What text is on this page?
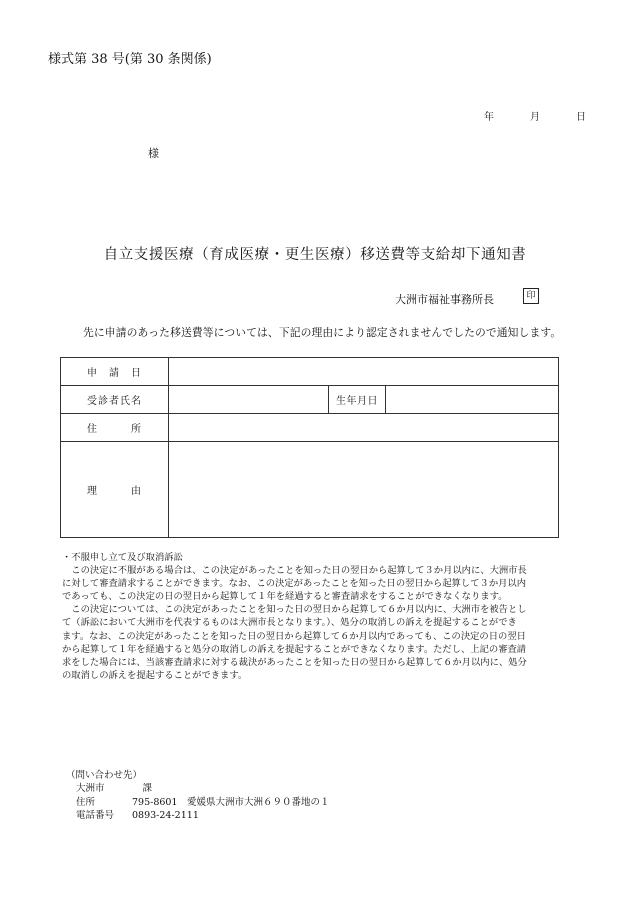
様式第 38 号(第 30 条関係)
年	月	日
様
自立支援医療（育成医療・更生医療）移送費等支給却下通知書
大洲市福祉事務所長	印
先に申請のあった移送費等については、下記の理由により認定されませんでしたので通知します。
申　請　日			
受診者氏名		生年月日	
住　　　所			
理　　　由			

・不服申し立て及び取消訴訟

　この決定に不服がある場合は、この決定があったことを知った日の翌日から起算して３か月以内に、大洲市長

に対して審査請求することができます。なお、この決定があったことを知った日の翌日から起算して３か月以内

であっても、この決定の日の翌日から起算して１年を経過すると審査請求をすることができなくなります。

　この決定については、この決定があったことを知った日の翌日から起算して６か月以内に、大洲市を被告とし

て（訴訟において大洲市を代表するものは大洲市長となります。）、処分の取消しの訴えを提起することができ

ます。なお、この決定があったことを知った日の翌日から起算して６か月以内であっても、この決定の日の翌日

から起算して１年を経過すると処分の取消しの訴えを提起することができなくなります。ただし、上記の審査請

求をした場合には、当該審査請求に対する裁決があったことを知った日の翌日から起算して６か月以内に、処分

の取消しの訴えを提起することができます。

（問い合わせ先）

大洲市　　　　課

住所	795-8601　愛媛県大洲市大洲６９０番地の１

電話番号 0893-24-2111
